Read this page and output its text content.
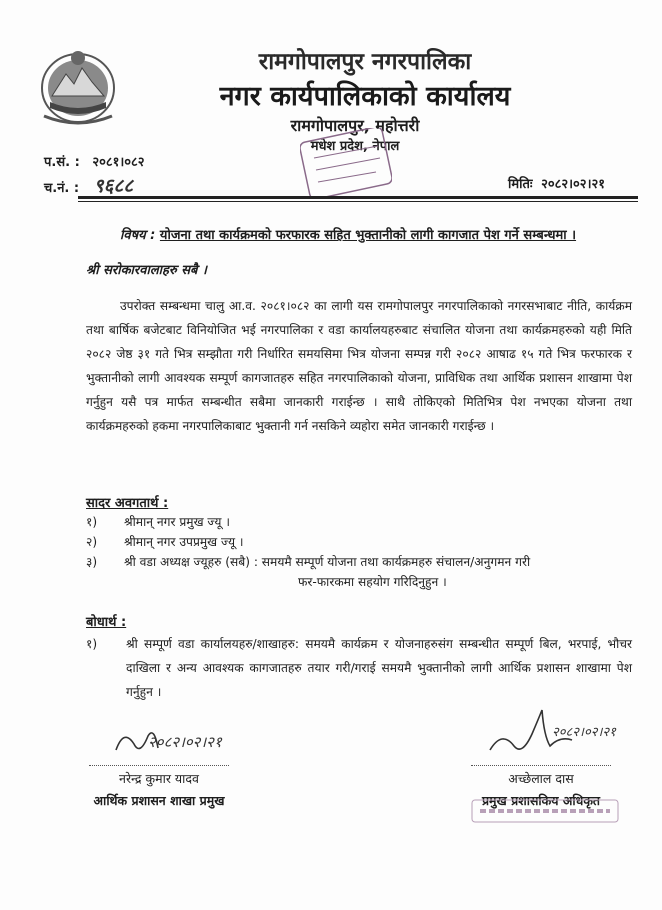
रामगोपालपुर नगरपालिका
नगर कार्यपालिकाको कार्यालय
रामगोपालपुर, महोत्तरी
मधेश प्रदेश, नेपाल
प.सं. : २०८१।०८२
च.नं. : ९६८८	मितिः २०८२।०२।२१
विषय : योजना तथा कार्यक्रमको फरफारक सहित भुक्तानीको लागी कागजात पेश गर्ने सम्बन्धमा ।
श्री सरोकारवालाहरु सबै ।
उपरोक्त सम्बन्धमा चालु आ.व. २०८१।०८२ का लागी यस रामगोपालपुर नगरपालिकाको नगरसभाबाट नीति, कार्यक्रम तथा बार्षिक बजेटबाट विनियोजित भई नगरपालिका र वडा कार्यालयहरुबाट संचालित योजना तथा कार्यक्रमहरुको यही मिति २०८२ जेष्ठ ३१ गते भित्र सम्झौता गरी निर्धारित समयसिमा भित्र योजना सम्पन्न गरी २०८२ आषाढ १५ गते भित्र फरफारक र भुक्तानीको लागी आवश्यक सम्पूर्ण कागजातहरु सहित नगरपालिकाको योजना, प्राविधिक तथा आर्थिक प्रशासन शाखामा पेश गर्नुहुन यसै पत्र मार्फत सम्बन्धीत सबैमा जानकारी गराईन्छ । साथै तोकिएको मितिभित्र पेश नभएका योजना तथा कार्यक्रमहरुको हकमा नगरपालिकाबाट भुक्तानी गर्न नसकिने व्यहोरा समेत जानकारी गराईन्छ ।
सादर अवगतार्थ :
१) श्रीमान् नगर प्रमुख ज्यू ।
२) श्रीमान् नगर उपप्रमुख ज्यू ।
३) श्री वडा अध्यक्ष ज्यूहरु (सबै) : समयमै सम्पूर्ण योजना तथा कार्यक्रमहरु संचालन/अनुगमन गरी
फर-फारकमा सहयोग गरिदिनुहुन ।
बोधार्थ :
१) श्री सम्पूर्ण वडा कार्यालयहरु/शाखाहरु: समयमै कार्यक्रम र योजनाहरुसंग सम्बन्धीत सम्पूर्ण बिल, भरपाई, भौचर दाखिला र अन्य आवश्यक कागजातहरु तयार गरी/गराई समयमै भुक्तानीको लागी आर्थिक प्रशासन शाखामा पेश गर्नुहुन ।
२०८२।०२।२१
२०८२।०२।२१
नरेन्द्र कुमार यादव
आर्थिक प्रशासन शाखा प्रमुख
अच्छेलाल दास
प्रमुख प्रशासकिय अधिकृत
